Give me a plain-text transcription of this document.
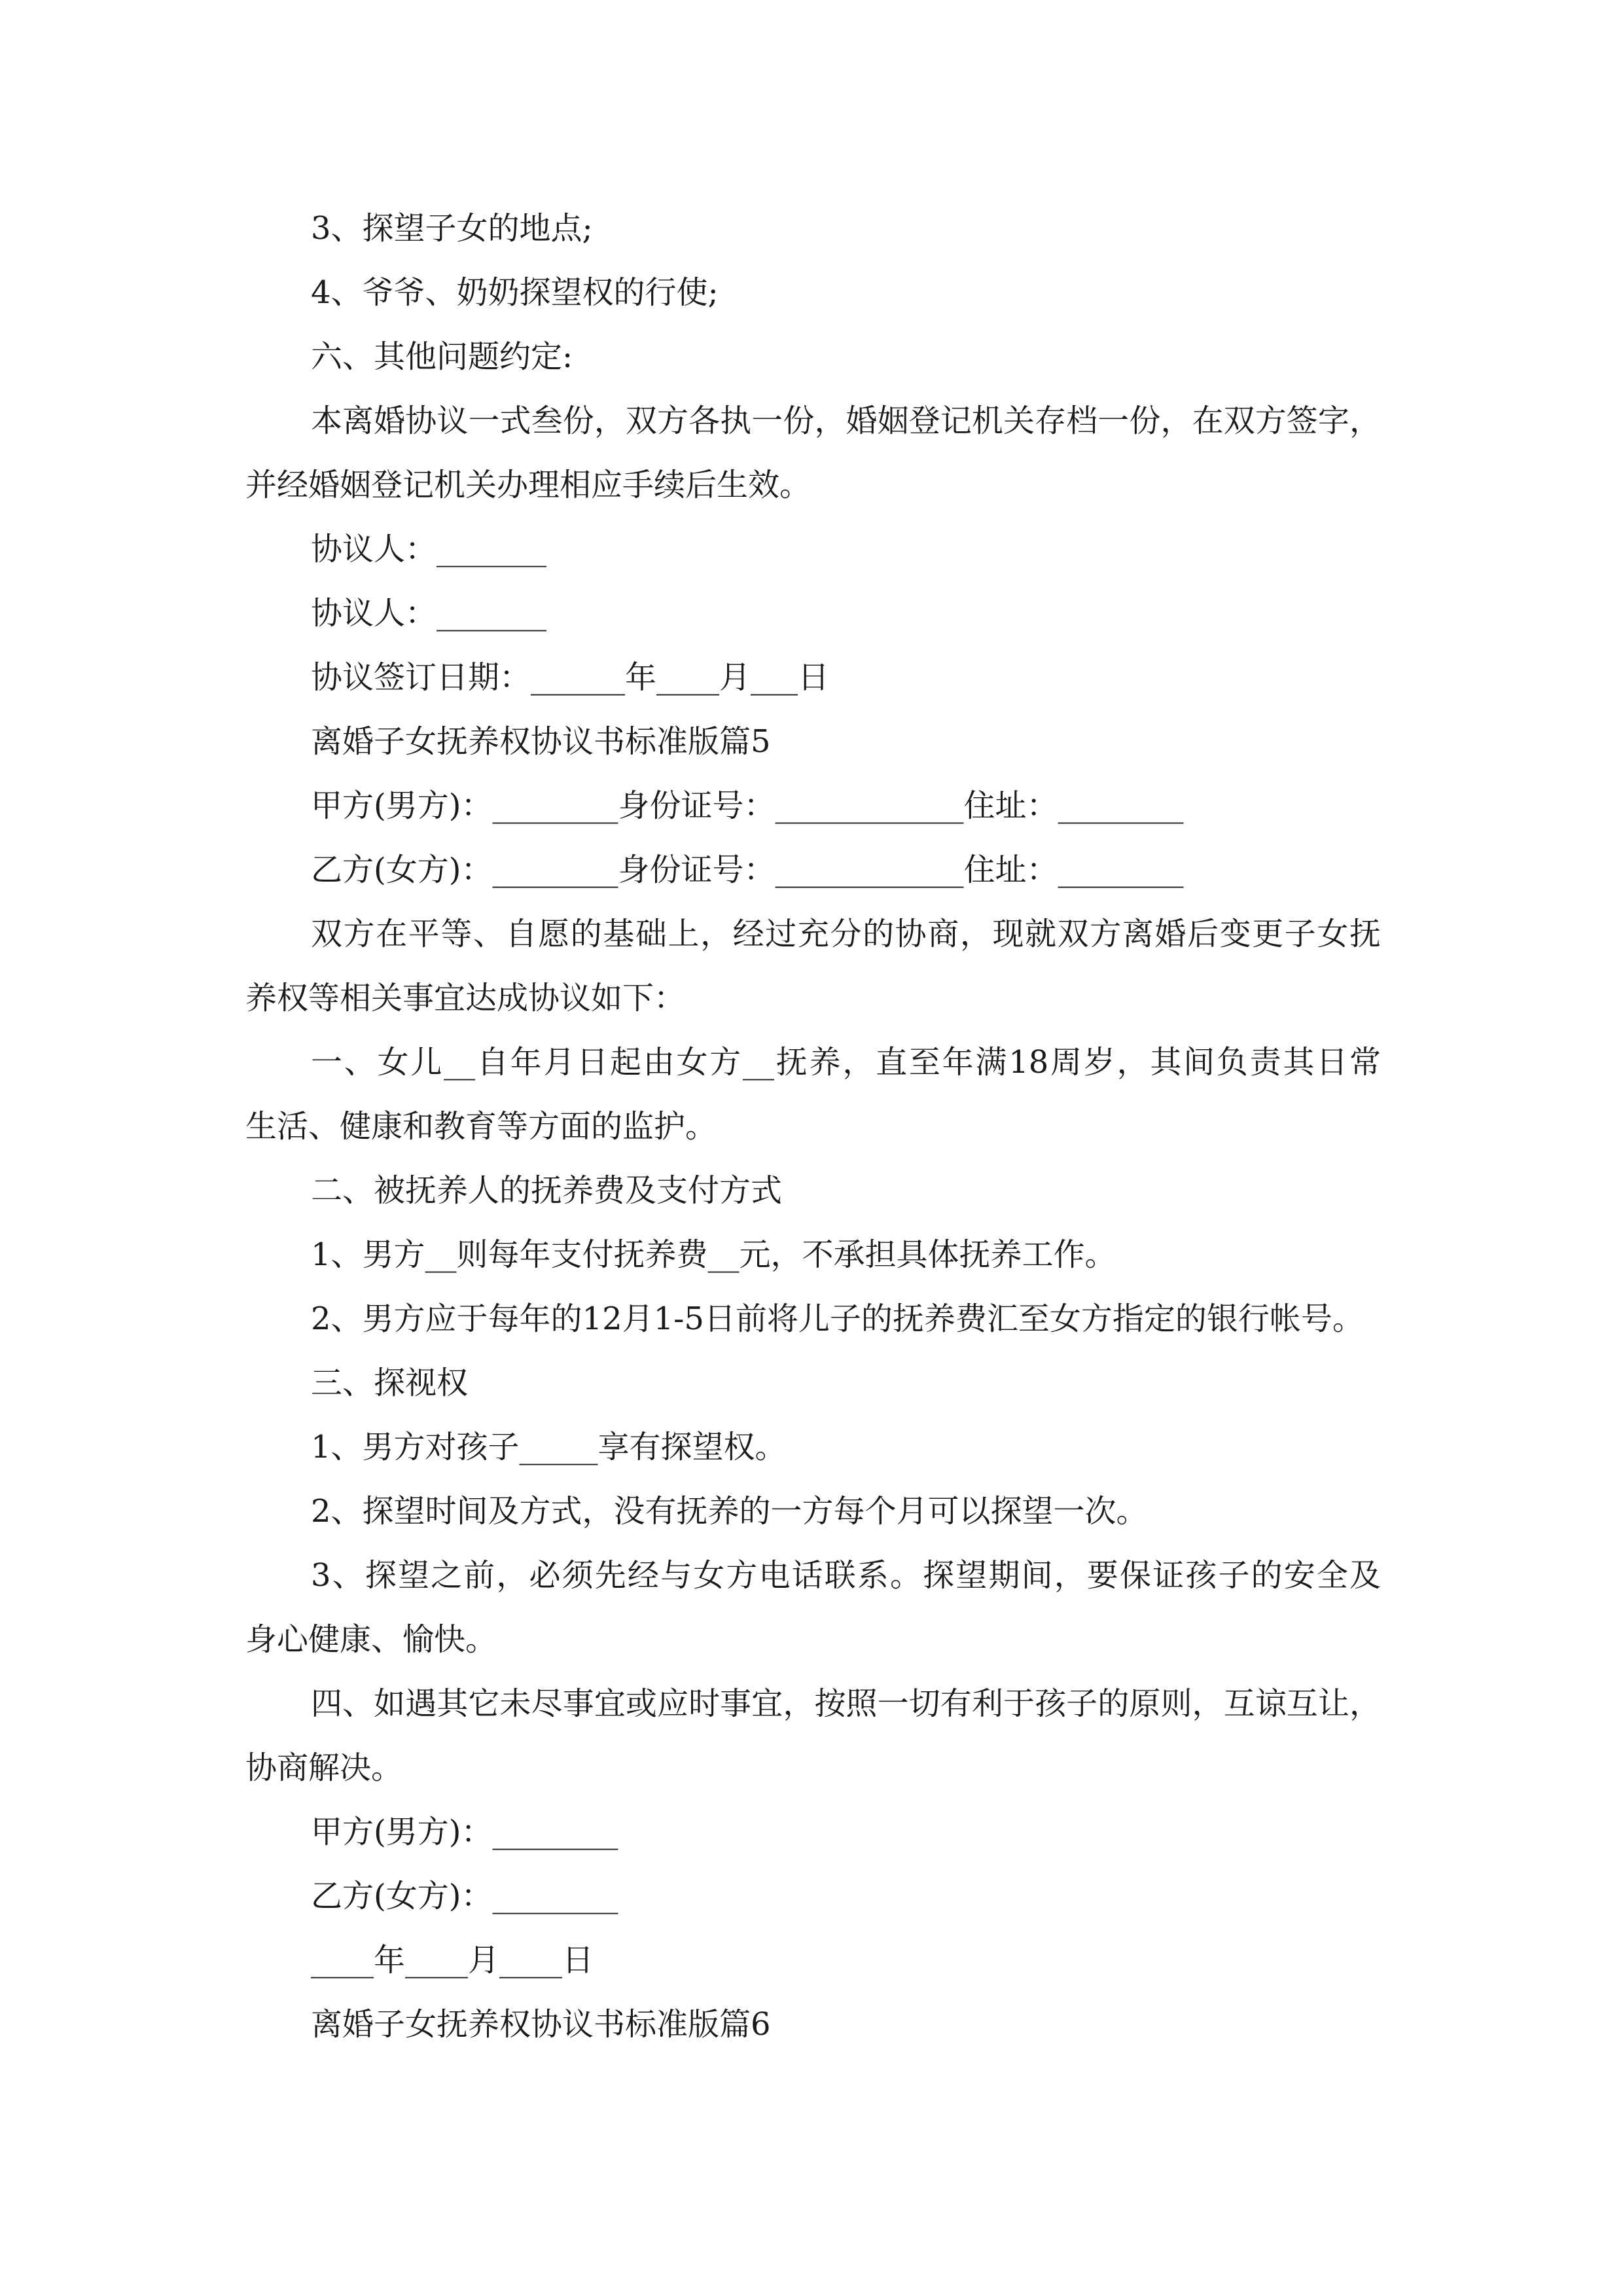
3、探望子女的地点;

4、爷爷、奶奶探望权的行使;

六、其他问题约定:

本离婚协议一式叁份，双方各执一份，婚姻登记机关存档一份，在双方签字，
并经婚姻登记机关办理相应手续后生效。

协议人：_______

协议人：_______

协议签订日期：______年____月___日

离婚子女抚养权协议书标准版篇5

甲方(男方)：________身份证号：____________住址：________

乙方(女方)：________身份证号：____________住址：________

双方在平等、自愿的基础上，经过充分的协商，现就双方离婚后变更子女抚
养权等相关事宜达成协议如下：

一、女儿__自年月日起由女方__抚养，直至年满18周岁，其间负责其日常
生活、健康和教育等方面的监护。

二、被抚养人的抚养费及支付方式

1、男方__则每年支付抚养费__元，不承担具体抚养工作。

2、男方应于每年的12月1-5日前将儿子的抚养费汇至女方指定的银行帐号。

三、探视权

1、男方对孩子_____享有探望权。

2、探望时间及方式，没有抚养的一方每个月可以探望一次。

3、探望之前，必须先经与女方电话联系。探望期间，要保证孩子的安全及
身心健康、愉快。

四、如遇其它未尽事宜或应时事宜，按照一切有利于孩子的原则，互谅互让，
协商解决。

甲方(男方)：________

乙方(女方)：________

____年____月____日

离婚子女抚养权协议书标准版篇6
